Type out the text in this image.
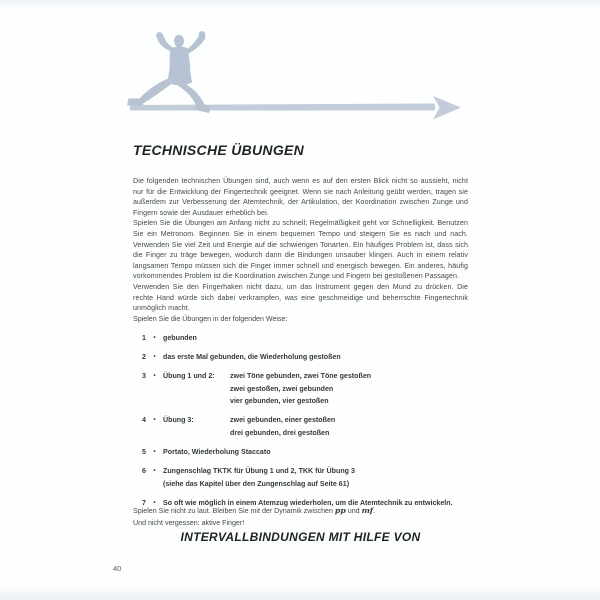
TECHNISCHE ÜBUNGEN

Die folgenden technischen Übungen sind, auch wenn es auf den ersten Blick nicht so aussieht, nicht nur für die Entwicklung der Fingertechnik geeignet. Wenn sie nach Anleitung geübt werden, tragen sie außerdem zur Verbesserung der Atemtechnik, der Artikulation, der Koordination zwischen Zunge und Fingern sowie der Ausdauer erheblich bei.

Spielen Sie die Übungen am Anfang nicht zu schnell; Regelmäßigkeit geht vor Schnelligkeit. Benutzen Sie ein Metronom. Beginnen Sie in einem bequemen Tempo und steigern Sie es nach und nach. Verwenden Sie viel Zeit und Energie auf die schwierigen Tonarten. Ein häufiges Problem ist, dass sich die Finger zu träge bewegen, wodurch dann die Bindungen unsauber klingen. Auch in einem relativ langsamen Tempo müssen sich die Finger immer schnell und energisch bewegen. Ein anderes, häufig vorkommendes Problem ist die Koordination zwischen Zunge und Fingern bei gestoßenen Passagen.

Verwenden Sie den Fingerhaken nicht dazu, um das Instrument gegen den Mund zu drücken. Die rechte Hand würde sich dabei verkrampfen, was eine geschmeidige und beherrschte Fingertechnik unmöglich macht.

Spielen Sie die Übungen in der folgenden Weise:

1	•	gebunden
2	•	das erste Mal gebunden, die Wiederholung gestoßen
3	•	Übung 1 und 2:	zwei Töne gebunden, zwei Töne gestoßen
zwei gestoßen, zwei gebunden
vier gebunden, vier gestoßen
4	•	Übung 3:	zwei gebunden, einer gestoßen
drei gebunden, drei gestoßen
5	•	Portato, Wiederholung Staccato
6	•	Zungenschlag TKTK für Übung 1 und 2, TKK für Übung 3
(siehe das Kapitel über den Zungenschlag auf Seite 61)
7	•	So oft wie möglich in einem Atemzug wiederholen, um die Atemtechnik zu entwickeln.

Spielen Sie nicht zu laut. Bleiben Sie mit der Dynamik zwischen pp und mf.

Und nicht vergessen: aktive Finger!

INTERVALLBINDUNGEN MIT HILFE VON
40
